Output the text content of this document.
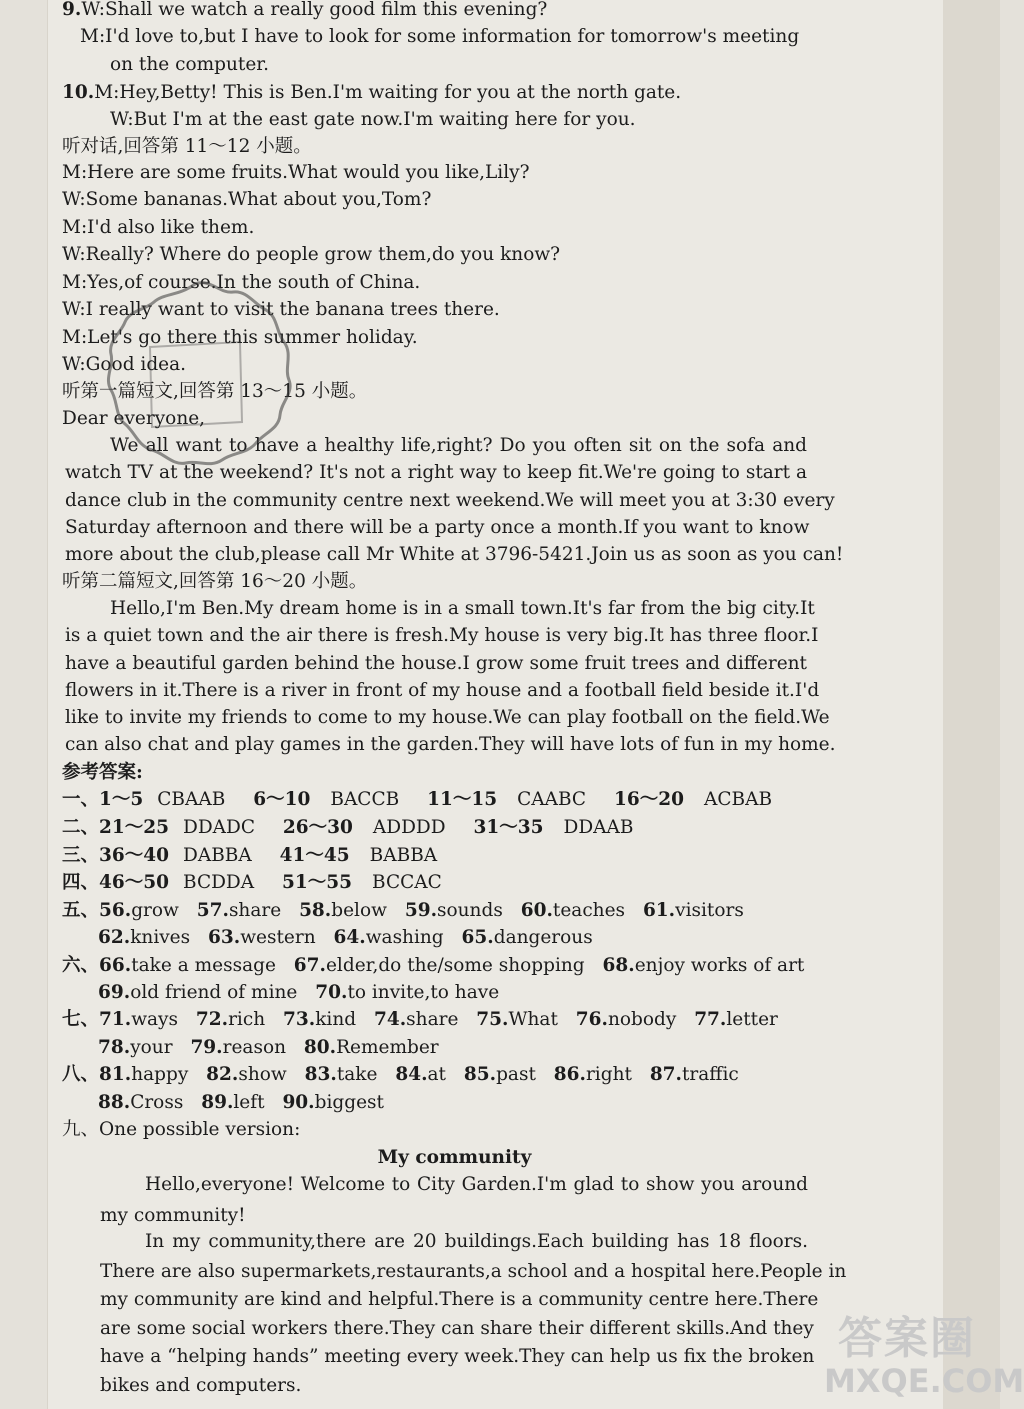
9.W:Shall we watch a really good film this evening?
M:I'd love to,but I have to look for some information for tomorrow's meeting
on the computer.
10.M:Hey,Betty! This is Ben.I'm waiting for you at the north gate.
W:But I'm at the east gate now.I'm waiting here for you.
听对话,回答第 11～12 小题。
M:Here are some fruits.What would you like,Lily?
W:Some bananas.What about you,Tom?
M:I'd also like them.
W:Really? Where do people grow them,do you know?
M:Yes,of course.In the south of China.
W:I really want to visit the banana trees there.
M:Let's go there this summer holiday.
W:Good idea.
听第一篇短文,回答第 13～15 小题。
Dear everyone,
We all want to have a healthy life,right? Do you often sit on the sofa and
watch TV at the weekend? It's not a right way to keep fit.We're going to start a
dance club in the community centre next weekend.We will meet you at 3:30 every
Saturday afternoon and there will be a party once a month.If you want to know
more about the club,please call Mr White at 3796-5421.Join us as soon as you can!
听第二篇短文,回答第 16～20 小题。
Hello,I'm Ben.My dream home is in a small town.It's far from the big city.It
is a quiet town and the air there is fresh.My house is very big.It has three floor.I
have a beautiful garden behind the house.I grow some fruit trees and different
flowers in it.There is a river in front of my house and a football field beside it.I'd
like to invite my friends to come to my house.We can play football on the field.We
can also chat and play games in the garden.They will have lots of fun in my home.
参考答案:
一、1～5 CBAAB 6～10 BACCB 11～15 CAABC 16～20 ACBAB
二、21～25 DDADC 26～30 ADDDD 31～35 DDAAB
三、36～40 DABBA 41～45 BABBA
四、46～50 BCDDA 51～55 BCCAC
五、56.grow 57.share 58.below 59.sounds 60.teaches 61.visitors
62.knives 63.western 64.washing 65.dangerous
六、66.take a message 67.elder,do the/some shopping 68.enjoy works of art
69.old friend of mine 70.to invite,to have
七、71.ways 72.rich 73.kind 74.share 75.What 76.nobody 77.letter
78.your 79.reason 80.Remember
八、81.happy 82.show 83.take 84.at 85.past 86.right 87.traffic
88.Cross 89.left 90.biggest
九、One possible version:
My community
Hello,everyone! Welcome to City Garden.I'm glad to show you around
my community!
In my community,there are 20 buildings.Each building has 18 floors.
There are also supermarkets,restaurants,a school and a hospital here.People in
my community are kind and helpful.There is a community centre here.There
are some social workers there.They can share their different skills.And they
have a “helping hands” meeting every week.They can help us fix the broken
bikes and computers.
答案圈
MXQE.COM
